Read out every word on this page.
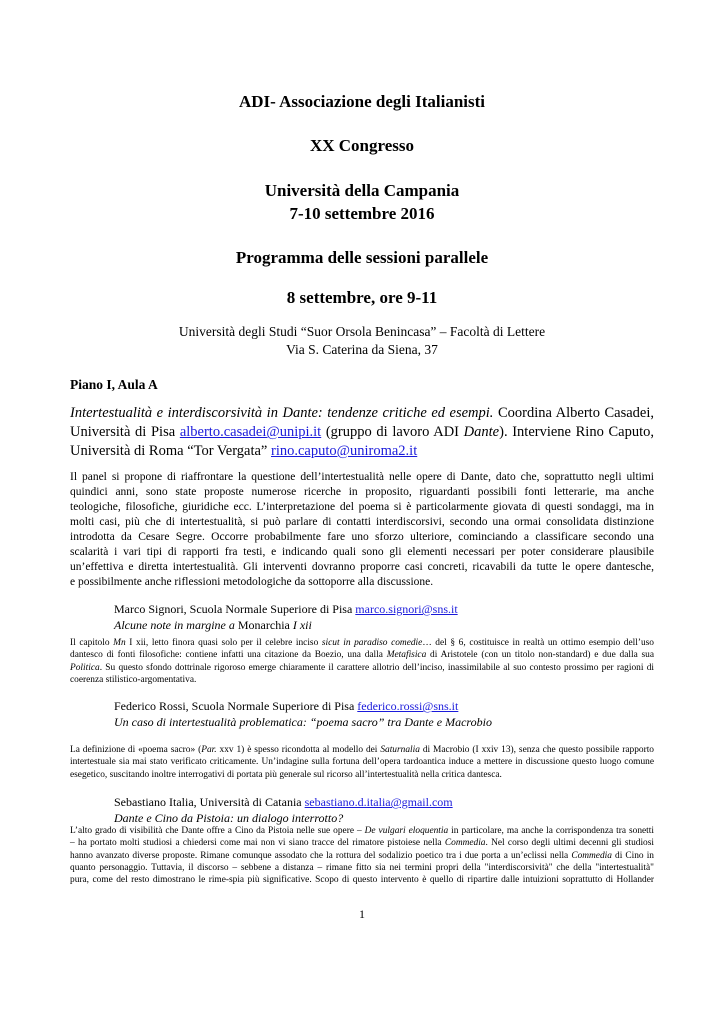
ADI- Associazione degli Italianisti
XX Congresso
Università della Campania
7-10 settembre 2016
Programma delle sessioni parallele
8 settembre, ore 9-11
Università degli Studi “Suor Orsola Benincasa” – Facoltà di Lettere
Via S. Caterina da Siena, 37
Piano I, Aula A
Intertestualità e interdiscorsività in Dante: tendenze critiche ed esempi. Coordina Alberto Casadei,
Università di Pisa alberto.casadei@unipi.it (gruppo di lavoro ADI Dante). Interviene Rino Caputo,
Università di Roma “Tor Vergata” rino.caputo@uniroma2.it
Il panel si propone di riaffrontare la questione dell’intertestualità nelle opere di Dante, dato che, soprattutto negli ultimi
quindici anni, sono state proposte numerose ricerche in proposito, riguardanti possibili fonti letterarie, ma anche
teologiche, filosofiche, giuridiche ecc. L’interpretazione del poema si è particolarmente giovata di questi sondaggi, ma in
molti casi, più che di intertestualità, si può parlare di contatti interdiscorsivi, secondo una ormai consolidata distinzione
introdotta da Cesare Segre. Occorre probabilmente fare uno sforzo ulteriore, cominciando a classificare secondo una
scalarità i vari tipi di rapporti fra testi, e indicando quali sono gli elementi necessari per poter considerare plausibile
un’effettiva e diretta intertestualità. Gli interventi dovranno proporre casi concreti, ricavabili da tutte le opere dantesche,
e possibilmente anche riflessioni metodologiche da sottoporre alla discussione.
Marco Signori, Scuola Normale Superiore di Pisa marco.signori@sns.it
Alcune note in margine a Monarchia I xii
Il capitolo Mn I xii, letto finora quasi solo per il celebre inciso sicut in paradiso comedie… del § 6, costituisce in realtà un ottimo esempio dell’uso
dantesco di fonti filosofiche: contiene infatti una citazione da Boezio, una dalla Metafisica di Aristotele (con un titolo non-standard) e due dalla sua
Politica. Su questo sfondo dottrinale rigoroso emerge chiaramente il carattere allotrio dell’inciso, inassimilabile al suo contesto prossimo per ragioni di
coerenza stilistico-argomentativa.
Federico Rossi, Scuola Normale Superiore di Pisa federico.rossi@sns.it
Un caso di intertestualità problematica: “poema sacro” tra Dante e Macrobio
La definizione di «poema sacro» (Par. xxv 1) è spesso ricondotta al modello dei Saturnalia di Macrobio (I xxiv 13), senza che questo possibile rapporto
intertestuale sia mai stato verificato criticamente. Un’indagine sulla fortuna dell’opera tardoantica induce a mettere in discussione questo luogo comune
esegetico, suscitando inoltre interrogativi di portata più generale sul ricorso all’intertestualità nella critica dantesca.
Sebastiano Italia, Università di Catania sebastiano.d.italia@gmail.com
Dante e Cino da Pistoia: un dialogo interrotto?
L’alto grado di visibilità che Dante offre a Cino da Pistoia nelle sue opere – De vulgari eloquentia in particolare, ma anche la corrispondenza tra sonetti
– ha portato molti studiosi a chiedersi come mai non vi siano tracce del rimatore pistoiese nella Commedia. Nel corso degli ultimi decenni gli studiosi
hanno avanzato diverse proposte. Rimane comunque assodato che la rottura del sodalizio poetico tra i due porta a un’eclissi nella Commedia di Cino in
quanto personaggio. Tuttavia, il discorso – sebbene a distanza – rimane fitto sia nei termini propri della "interdiscorsività" che della "intertestualità"
pura, come del resto dimostrano le rime-spia più significative. Scopo di questo intervento è quello di ripartire dalle intuizioni soprattutto di Hollander
1
